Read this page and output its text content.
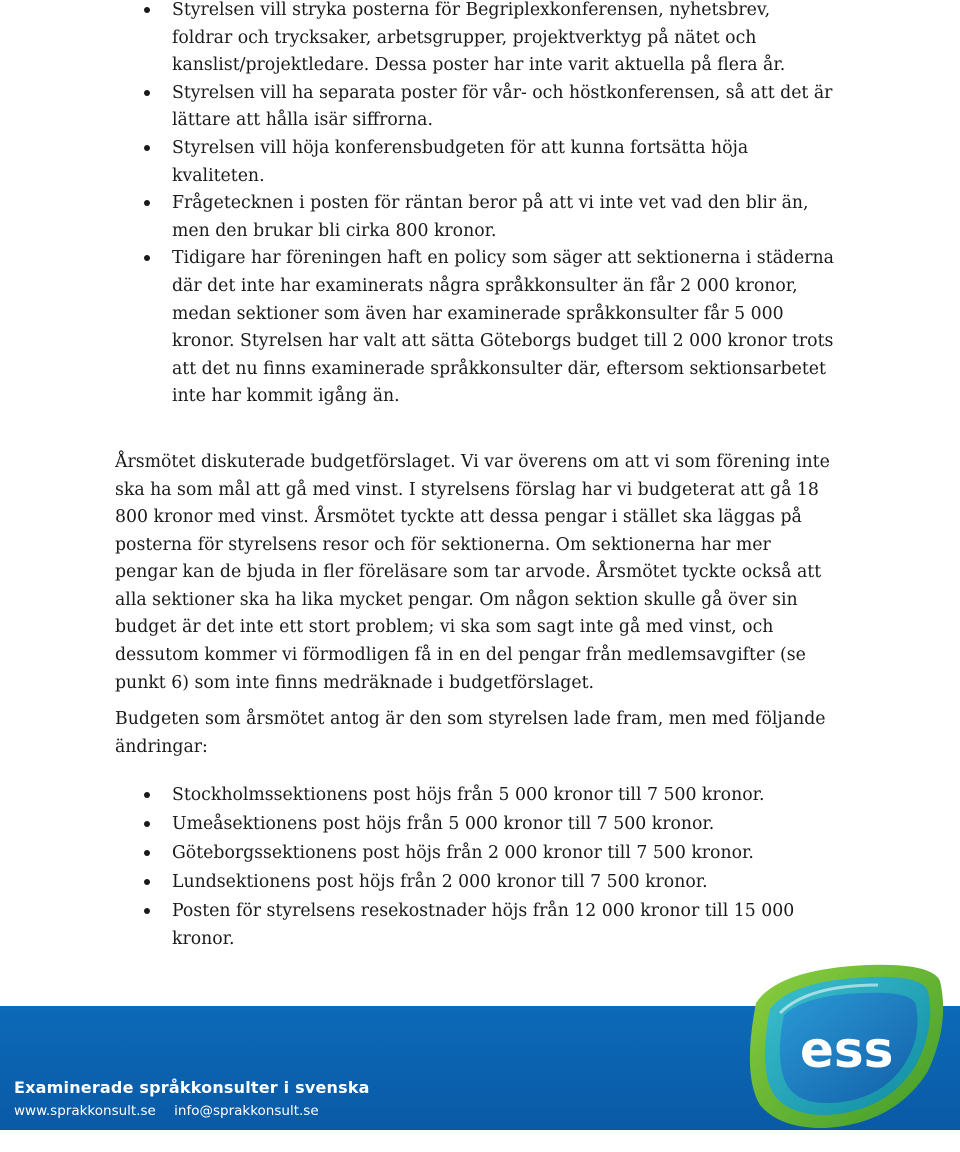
Styrelsen vill stryka posterna för Begriplexkonferensen, nyhetsbrev, foldrar och trycksaker, arbetsgrupper, projektverktyg på nätet och kanslist/projektledare. Dessa poster har inte varit aktuella på flera år.
Styrelsen vill ha separata poster för vår- och höstkonferensen, så att det är lättare att hålla isär siffrorna.
Styrelsen vill höja konferensbudgeten för att kunna fortsätta höja kvaliteten.
Frågetecknen i posten för räntan beror på att vi inte vet vad den blir än, men den brukar bli cirka 800 kronor.
Tidigare har föreningen haft en policy som säger att sektionerna i städerna där det inte har examinerats några språkkonsulter än får 2 000 kronor, medan sektioner som även har examinerade språkkonsulter får 5 000 kronor. Styrelsen har valt att sätta Göteborgs budget till 2 000 kronor trots att det nu finns examinerade språkkonsulter där, eftersom sektionsarbetet inte har kommit igång än.

Årsmötet diskuterade budgetförslaget. Vi var överens om att vi som förening inte ska ha som mål att gå med vinst. I styrelsens förslag har vi budgeterat att gå 18 800 kronor med vinst. Årsmötet tyckte att dessa pengar i stället ska läggas på posterna för styrelsens resor och för sektionerna. Om sektionerna har mer pengar kan de bjuda in fler föreläsare som tar arvode. Årsmötet tyckte också att alla sektioner ska ha lika mycket pengar. Om någon sektion skulle gå över sin budget är det inte ett stort problem; vi ska som sagt inte gå med vinst, och dessutom kommer vi förmodligen få in en del pengar från medlemsavgifter (se punkt 6) som inte finns medräknade i budgetförslaget.

Budgeten som årsmötet antog är den som styrelsen lade fram, men med följande ändringar:

Stockholmssektionens post höjs från 5 000 kronor till 7 500 kronor.
Umeåsektionens post höjs från 5 000 kronor till 7 500 kronor.
Göteborgssektionens post höjs från 2 000 kronor till 7 500 kronor.
Lundsektionens post höjs från 2 000 kronor till 7 500 kronor.
Posten för styrelsens resekostnader höjs från 12 000 kronor till 15 000 kronor.
Examinerade språkkonsulter i svenska
www.sprakkonsult.se info@sprakkonsult.se
ess
